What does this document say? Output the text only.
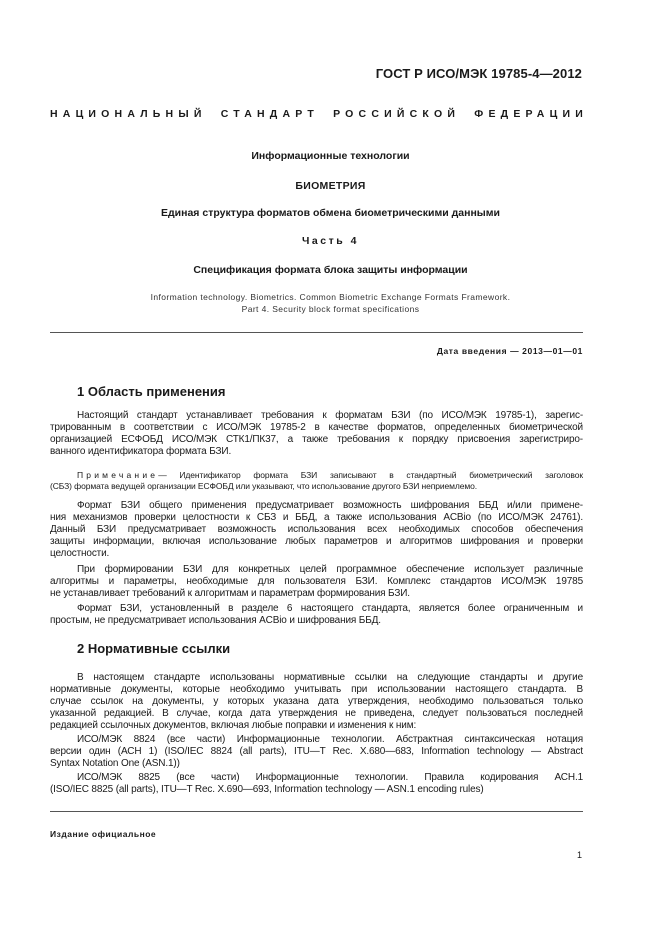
ГОСТ Р ИСО/МЭК 19785-4—2012
НАЦИОНАЛЬНЫЙ СТАНДАРТ РОССИЙСКОЙ ФЕДЕРАЦИИ
Информационные технологии
БИОМЕТРИЯ
Единая структура форматов обмена биометрическими данными
Часть 4
Спецификация формата блока защиты информации
Information technology. Biometrics. Common Biometric Exchange Formats Framework.
Part 4. Security block format specifications
Дата введения — 2013—01—01
1 Область применения
Настоящий стандарт устанавливает требования к форматам БЗИ (по ИСО/МЭК 19785-1), зарегис-
трированным в соответствии с ИСО/МЭК 19785-2 в качестве форматов, определенных биометрической
организацией ЕСФОБД ИСО/МЭК СТК1/ПК37, а также требования к порядку присвоения зарегистриро-
ванного идентификатора формата БЗИ.
Примечание— Идентификатор формата БЗИ записывают в стандартный биометрический заголовок
(СБЗ) формата ведущей организации ЕСФОБД или указывают, что использование другого БЗИ неприемлемо.
Формат БЗИ общего применения предусматривает возможность шифрования ББД и/или примене-
ния механизмов проверки целостности к СБЗ и ББД, а также использования ACBio (по ИСО/МЭК 24761).
Данный БЗИ предусматривает возможность использования всех необходимых способов обеспечения
защиты информации, включая использование любых параметров и алгоритмов шифрования и проверки
целостности.
При формировании БЗИ для конкретных целей программное обеспечение использует различные
алгоритмы и параметры, необходимые для пользователя БЗИ. Комплекс стандартов ИСО/МЭК 19785
не устанавливает требований к алгоритмам и параметрам формирования БЗИ.
Формат БЗИ, установленный в разделе 6 настоящего стандарта, является более ограниченным и
простым, не предусматривает использования ACBio и шифрования ББД.
2 Нормативные ссылки
В настоящем стандарте использованы нормативные ссылки на следующие стандарты и другие
нормативные документы, которые необходимо учитывать при использовании настоящего стандарта. В
случае ссылок на документы, у которых указана дата утверждения, необходимо пользоваться только
указанной редакцией. В случае, когда дата утверждения не приведена, следует пользоваться последней
редакцией ссылочных документов, включая любые поправки и изменения к ним:
ИСО/МЭК 8824 (все части) Информационные технологии. Абстрактная синтаксическая нотация
версии один (АСН 1) (ISO/IEC 8824 (all parts), ITU—T Rec. X.680—683, Information technology — Abstract
Syntax Notation One (ASN.1))
ИСО/МЭК 8825 (все части) Информационные технологии. Правила кодирования АСН.1
(ISO/IEC 8825 (all parts), ITU—T Rec. X.690—693, Information technology — ASN.1 encoding rules)
Издание официальное
1
